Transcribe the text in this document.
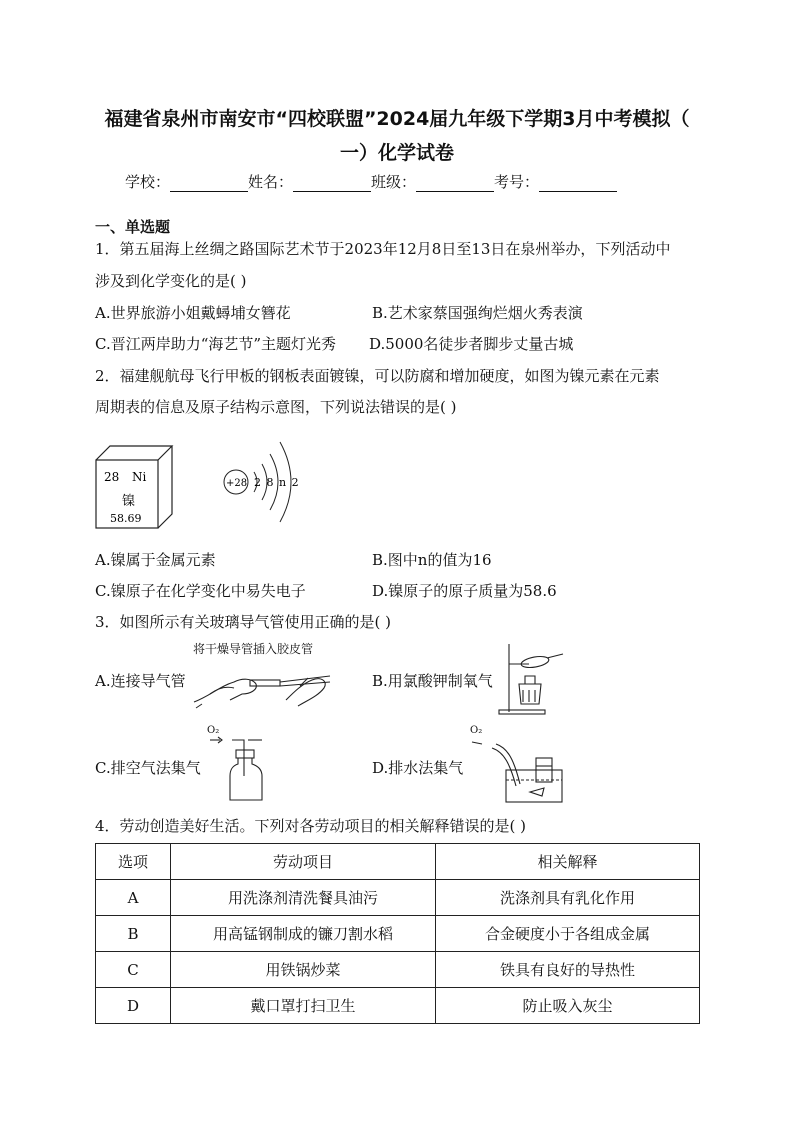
福建省泉州市南安市“四校联盟”2024届九年级下学期3月中考模拟（
一）化学试卷
学校：	姓名：	班级：	考号：
一、单选题
1．第五届海上丝绸之路国际艺术节于2023年12月8日至13日在泉州举办，下列活动中
涉及到化学变化的是( )
A.世界旅游小姐戴蟳埔女簪花	B.艺术家蔡国强绚烂烟火秀表演
C.晋江两岸助力“海艺节”主题灯光秀 D.5000名徒步者脚步丈量古城
2．福建舰航母飞行甲板的钢板表面镀镍，可以防腐和增加硬度，如图为镍元素在元素
周期表的信息及原子结构示意图，下列说法错误的是( )
28 Ni
镍
58.69
+28 2 8 n 2
A.镍属于金属元素	B.图中n的值为16
C.镍原子在化学变化中易失电子	D.镍原子的原子质量为58.6
3．如图所示有关玻璃导气管使用正确的是( )
将干燥导管插入胶皮管
A.连接导气管	B.用氯酸钾制氧气
O₂
C.排空气法集气
O₂
D.排水法集气
4．劳动创造美好生活。下列对各劳动项目的相关解释错误的是( )
选项	劳动项目	相关解释
A	用洗涤剂清洗餐具油污	洗涤剂具有乳化作用
B	用高锰钢制成的镰刀割水稻	合金硬度小于各组成金属
C	用铁锅炒菜	铁具有良好的导热性
D	戴口罩打扫卫生	防止吸入灰尘
